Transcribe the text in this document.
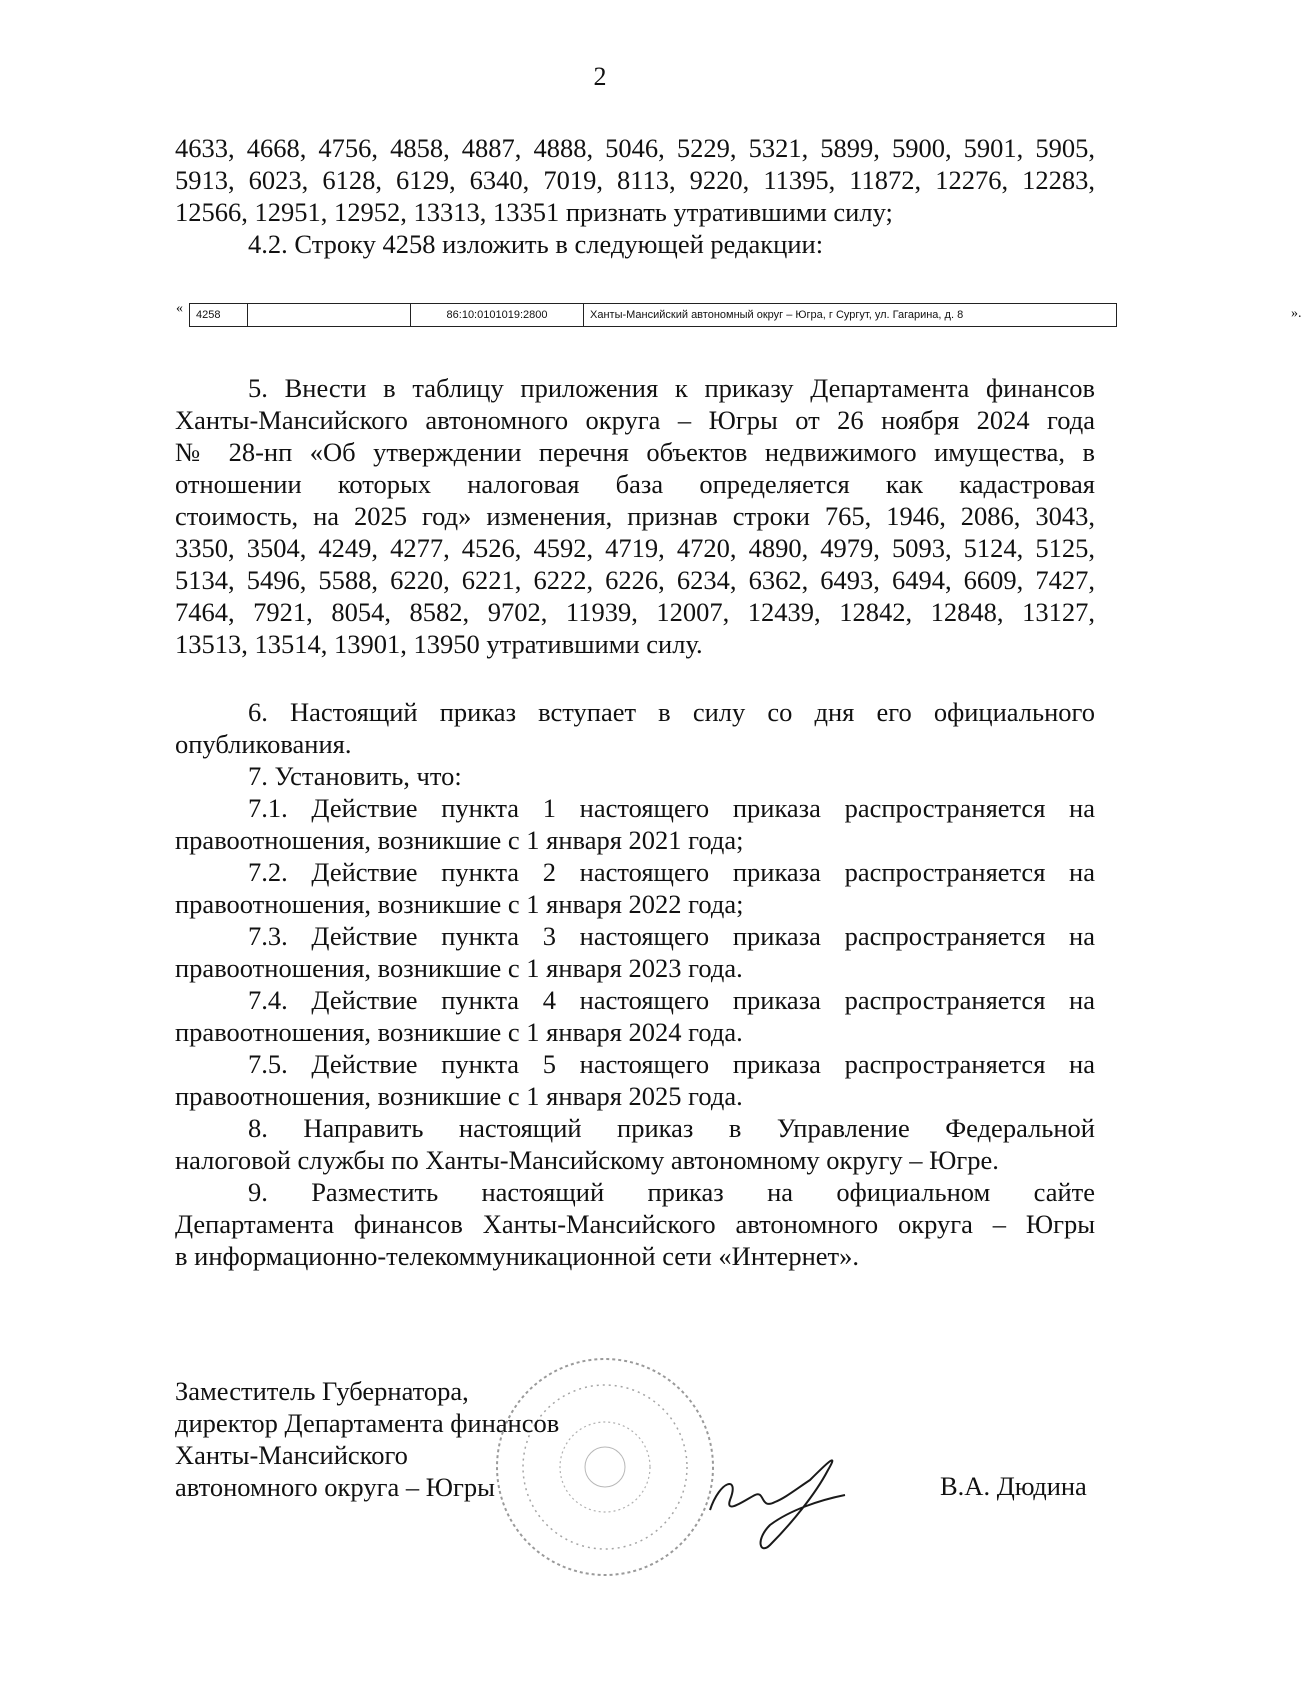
2

4633, 4668, 4756, 4858, 4887, 4888, 5046, 5229, 5321, 5899, 5900, 5901, 5905,

5913, 6023, 6128, 6129, 6340, 7019, 8113, 9220, 11395, 11872, 12276, 12283,

12566, 12951, 12952, 13313, 13351 признать утратившими силу;

4.2. Строку 4258 изложить в следующей редакции:

« 4258		86:10:0101019:2800	Ханты-Мансийский автономный округ – Югра, г Сургут, ул. Гагарина, д. 8	».

5. Внести в таблицу приложения к приказу Департамента финансов

Ханты-Мансийского автономного округа – Югры от 26 ноября 2024 года

№ 28-нп «Об утверждении перечня объектов недвижимого имущества, в

отношении которых налоговая база определяется как кадастровая

стоимость, на 2025 год» изменения, признав строки 765, 1946, 2086, 3043,

3350, 3504, 4249, 4277, 4526, 4592, 4719, 4720, 4890, 4979, 5093, 5124, 5125,

5134, 5496, 5588, 6220, 6221, 6222, 6226, 6234, 6362, 6493, 6494, 6609, 7427,

7464, 7921, 8054, 8582, 9702, 11939, 12007, 12439, 12842, 12848, 13127,

13513, 13514, 13901, 13950 утратившими силу.

6. Настоящий приказ вступает в силу со дня его официального

опубликования.

7. Установить, что:

7.1. Действие пункта 1 настоящего приказа распространяется на

правоотношения, возникшие с 1 января 2021 года;

7.2. Действие пункта 2 настоящего приказа распространяется на

правоотношения, возникшие с 1 января 2022 года;

7.3. Действие пункта 3 настоящего приказа распространяется на

правоотношения, возникшие с 1 января 2023 года.

7.4. Действие пункта 4 настоящего приказа распространяется на

правоотношения, возникшие с 1 января 2024 года.

7.5. Действие пункта 5 настоящего приказа распространяется на

правоотношения, возникшие с 1 января 2025 года.

8. Направить настоящий приказ в Управление Федеральной

налоговой службы по Ханты-Мансийскому автономному округу – Югре.

9. Разместить настоящий приказ на официальном сайте

Департамента финансов Ханты-Мансийского автономного округа – Югры

в информационно-телекоммуникационной сети «Интернет».

Заместитель Губернатора,

директор Департамента финансов

Ханты-Мансийского

автономного округа – Югры	В.А. Дюдина
